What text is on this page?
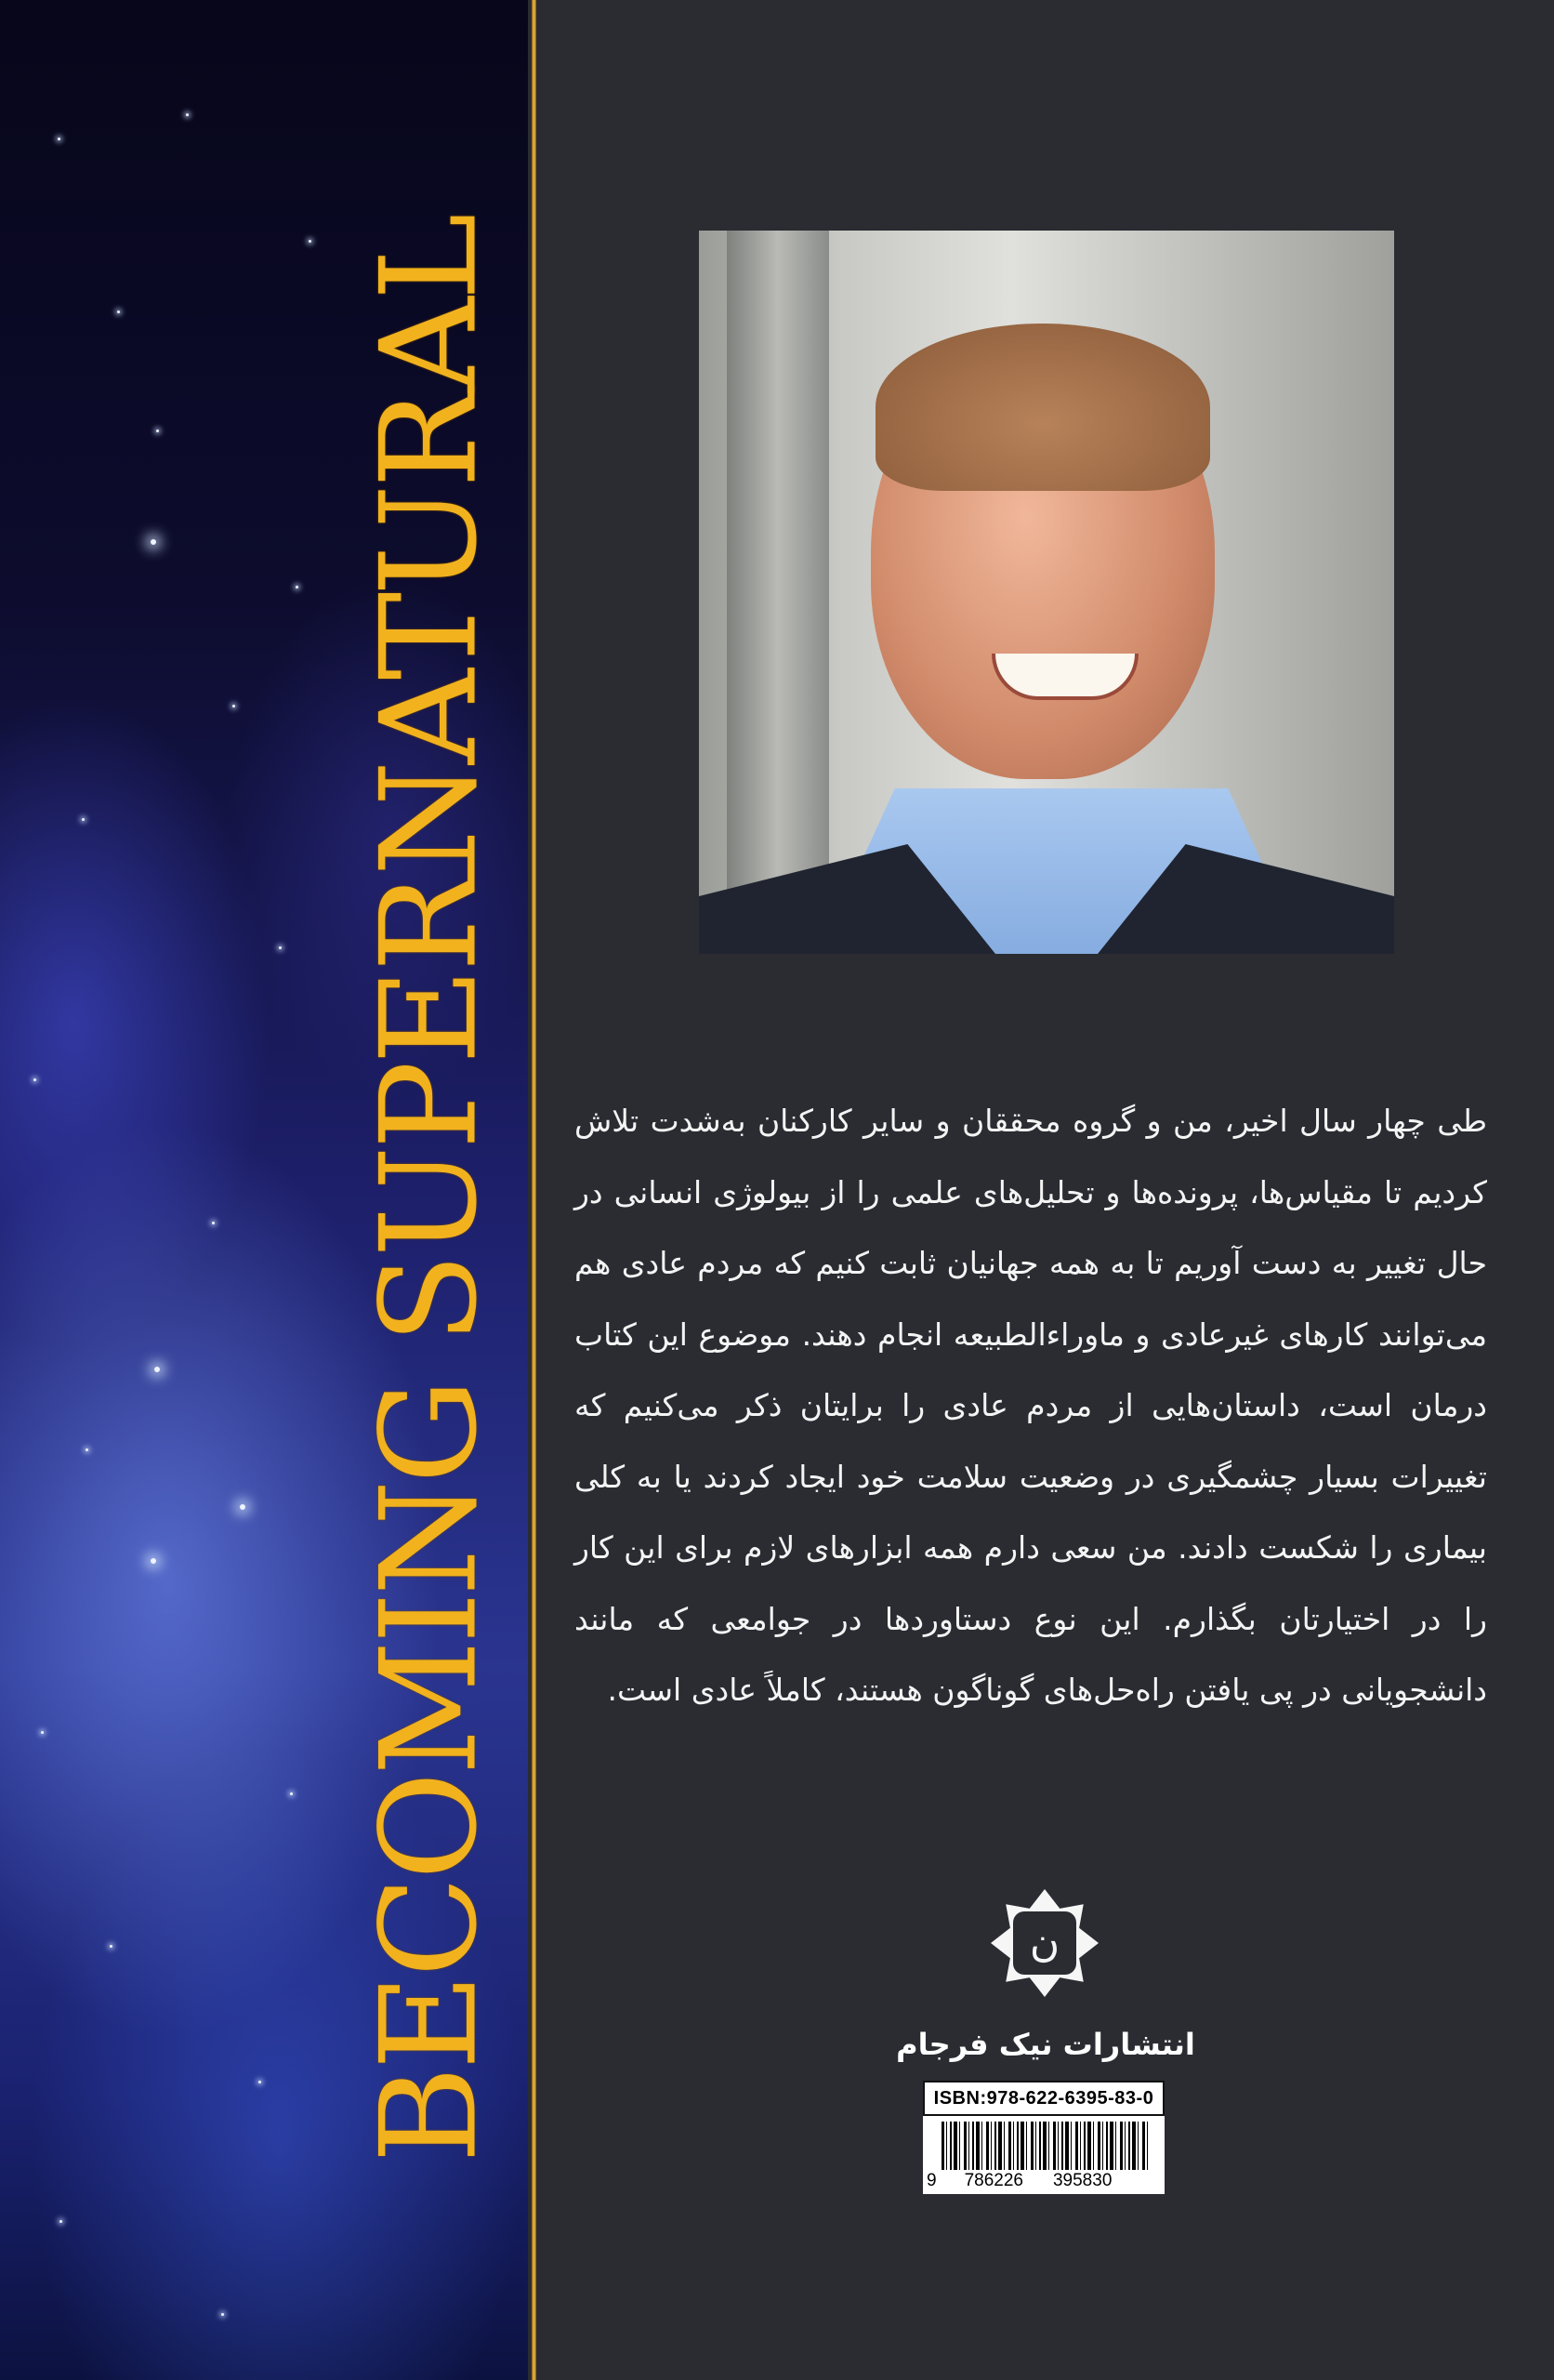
BECOMING SUPERNATURAL طی چهار سال اخیر، من و گروه محققان و سایر کارکنان به‌شدت تلاش کردیم تا مقیاس‌ها، پرونده‌ها و تحلیل‌های علمی را از بیولوژی انسانی در حال تغییر به دست آوریم تا به همه جهانیان ثابت کنیم که مردم عادی هم می‌توانند کارهای غیرعادی و ماوراءالطبیعه انجام دهند. موضوع این کتاب درمان است، داستان‌هایی از مردم عادی را برایتان ذکر می‌کنیم که تغییرات بسیار چشمگیری در وضعیت سلامت خود ایجاد کردند یا به کلی بیماری را شکست دادند. من سعی دارم همه ابزارهای لازم برای این کار را در اختیارتان بگذارم. این نوع دستاوردها در جوامعی که مانند دانشجویانی در پی یافتن راه‌حل‌های گوناگون هستند، کاملاً عادی است.
ن
انتشارات نیک فرجام
ISBN:978-622-6395-83-0
9 786226 395830
